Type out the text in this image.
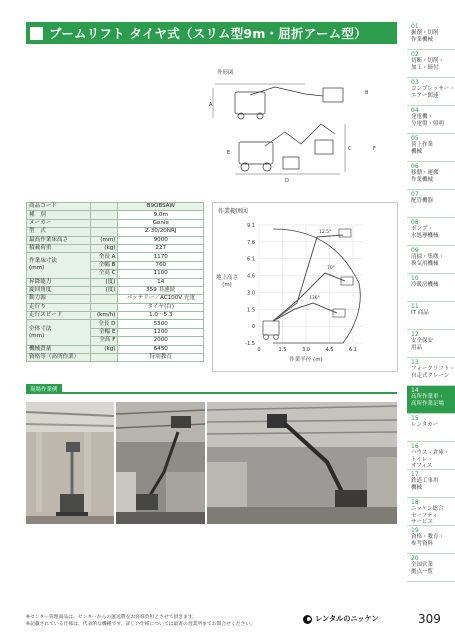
ブームリフト タイヤ式（スリム型9m・屈折アーム型）	01
掘削・切削
作業機械
02
切断・切削・
加工・締付
03
コンプレッサー・
エアー関連
04
発電機・
分電盤・照明
05
荷上作業
機械
06
移動・運搬
作業機械
07
配管機器
08
ポンプ・
水処理機械
09
清掃・集塵・
換気用機械
10
冷暖房機械
11
IT 商品
12
安全保安
用品
13
フォークリフト・
自走式クレーン
14
高所作業車・
高所作業足場
15
レンタカー
16
ハウス・倉庫・
トイレ・
オフィス
17
鉄道工事用
機械
18
ニッケン総合
セーフティ
サービス
19
資格・教育・
参考資料
20
全国営業
拠点一覧
外形図
A
B
C
D
E
F
商品コード		B9OBSAW
種　別		9.0m
メーカー		Genie
型　式		Z-30/20NRJ
最高作業床高さ	(mm)	9000
積載荷重	(kg)	227
作業床寸法
(mm)	全長 A	1170
	全幅 B	760
	全高 C	1100
昇降能力	(度)	14
旋回角度	(度)	359 非連続
動力源		バッテリー／AC100V 充電
走行り		タイヤ(白)
走行スピード	(km/h)	1.0〜5.3
全体寸法
(mm)	全長 D	5300
	全幅 E	1200
	全高 F	2000
機械質量	(kg)	6450
資格等（高所作業）		特別教育
作業範囲図
9.1
7.6
6.1
4.6
3.0
1.5
0
-1.5
0	1.5	3.0	4.6	6.1
地上高さ
(m)
作業半径 (m)
12.5°
70°
136°
現場作業例
※センター管理商品は、センターからの運送費をお客様負担とさせて頂きます。
※記載されている仕様は、代表的な機種です。詳しい仕様については最寄の営業所までお問合せください。
レンタルのニッケン	309
